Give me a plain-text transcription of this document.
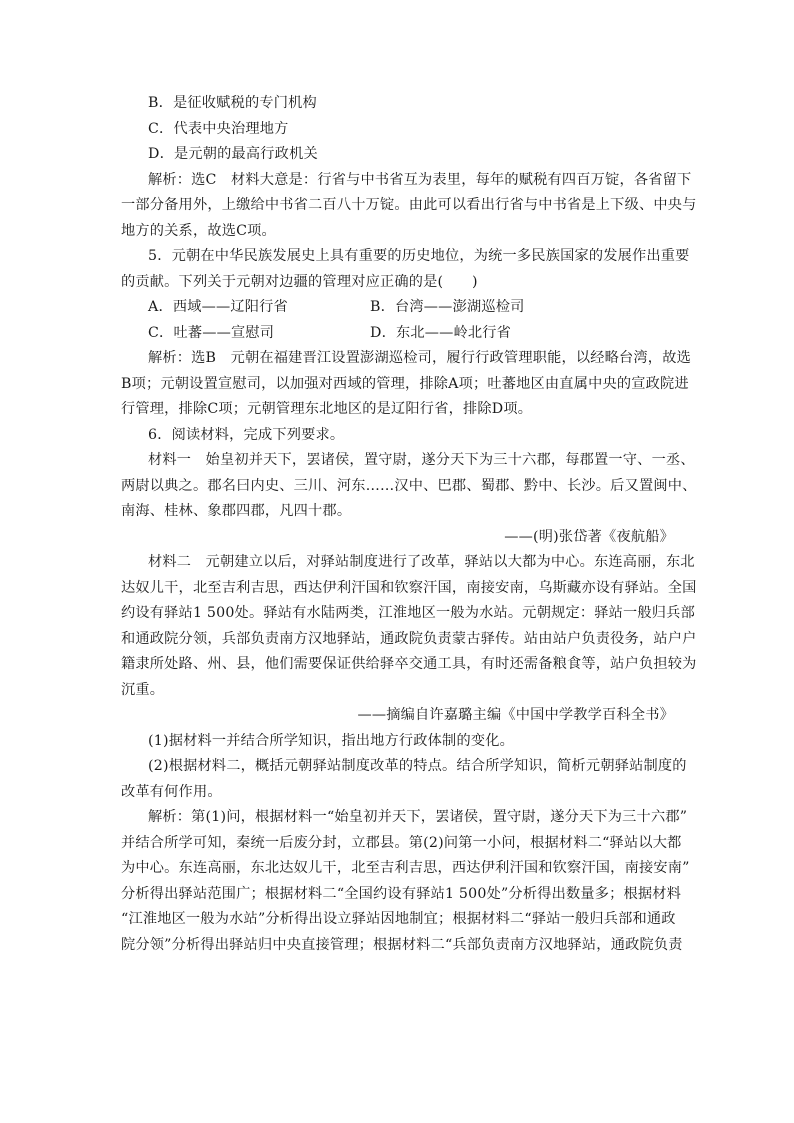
B．是征收赋税的专门机构
C．代表中央治理地方
D．是元朝的最高行政机关
解析：选C　材料大意是：行省与中书省互为表里，每年的赋税有四百万锭，各省留下
一部分备用外，上缴给中书省二百八十万锭。由此可以看出行省与中书省是上下级、中央与
地方的关系，故选C项。
5．元朝在中华民族发展史上具有重要的历史地位，为统一多民族国家的发展作出重要
的贡献。下列关于元朝对边疆的管理对应正确的是(　　)
A．西域——辽阳行省	B．台湾——澎湖巡检司
C．吐蕃——宣慰司	D．东北——岭北行省
解析：选B　元朝在福建晋江设置澎湖巡检司，履行行政管理职能，以经略台湾，故选
B项；元朝设置宣慰司，以加强对西域的管理，排除A项；吐蕃地区由直属中央的宣政院进
行管理，排除C项；元朝管理东北地区的是辽阳行省，排除D项。
6．阅读材料，完成下列要求。
材料一　始皇初并天下，罢诸侯，置守尉，遂分天下为三十六郡，每郡置一守、一丞、
两尉以典之。郡名曰内史、三川、河东……汉中、巴郡、蜀郡、黔中、长沙。后又置闽中、
南海、桂林、象郡四郡，凡四十郡。
——(明)张岱著《夜航船》
材料二　元朝建立以后，对驿站制度进行了改革，驿站以大都为中心。东连高丽，东北
达奴儿干，北至吉利吉思，西达伊利汗国和钦察汗国，南接安南，乌斯藏亦设有驿站。全国
约设有驿站1 500处。驿站有水陆两类，江淮地区一般为水站。元朝规定：驿站一般归兵部
和通政院分领，兵部负责南方汉地驿站，通政院负责蒙古驿传。站由站户负责役务，站户户
籍隶所处路、州、县，他们需要保证供给驿卒交通工具，有时还需备粮食等，站户负担较为
沉重。
——摘编自许嘉璐主编《中国中学教学百科全书》
(1)据材料一并结合所学知识，指出地方行政体制的变化。
(2)根据材料二，概括元朝驿站制度改革的特点。结合所学知识，简析元朝驿站制度的
改革有何作用。
解析：第(1)问，根据材料一“始皇初并天下，罢诸侯，置守尉，遂分天下为三十六郡”
并结合所学可知，秦统一后废分封，立郡县。第(2)问第一小问，根据材料二“驿站以大都
为中心。东连高丽，东北达奴儿干，北至吉利吉思，西达伊利汗国和钦察汗国，南接安南”
分析得出驿站范围广；根据材料二“全国约设有驿站1 500处”分析得出数量多；根据材料
“江淮地区一般为水站”分析得出设立驿站因地制宜；根据材料二“驿站一般归兵部和通政
院分领”分析得出驿站归中央直接管理；根据材料二“兵部负责南方汉地驿站，通政院负责
